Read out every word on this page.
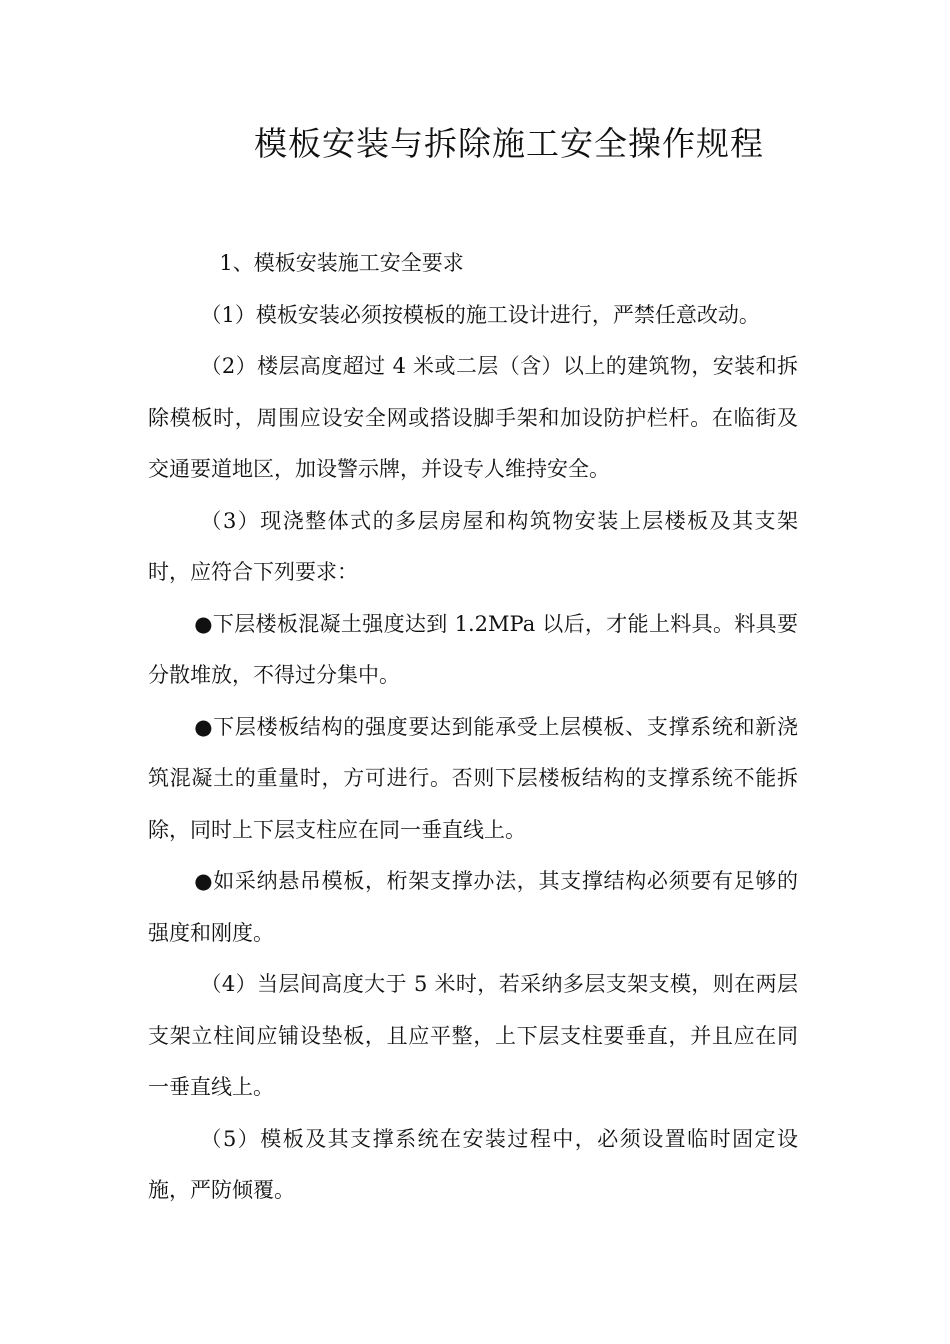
模板安装与拆除施工安全操作规程

1、模板安装施工安全要求

（1）模板安装必须按模板的施工设计进行，严禁任意改动。

（2）楼层高度超过 4 米或二层（含）以上的建筑物，安装和拆除模板时，周围应设安全网或搭设脚手架和加设防护栏杆。在临街及交通要道地区，加设警示牌，并设专人维持安全。

（3）现浇整体式的多层房屋和构筑物安装上层楼板及其支架时，应符合下列要求：

●下层楼板混凝土强度达到 1.2MPa 以后，才能上料具。料具要分散堆放，不得过分集中。

●下层楼板结构的强度要达到能承受上层模板、支撑系统和新浇筑混凝土的重量时，方可进行。否则下层楼板结构的支撑系统不能拆除，同时上下层支柱应在同一垂直线上。

●如采纳悬吊模板，桁架支撑办法，其支撑结构必须要有足够的强度和刚度。

（4）当层间高度大于 5 米时，若采纳多层支架支模，则在两层支架立柱间应铺设垫板，且应平整，上下层支柱要垂直，并且应在同一垂直线上。

（5）模板及其支撑系统在安装过程中，必须设置临时固定设施，严防倾覆。
